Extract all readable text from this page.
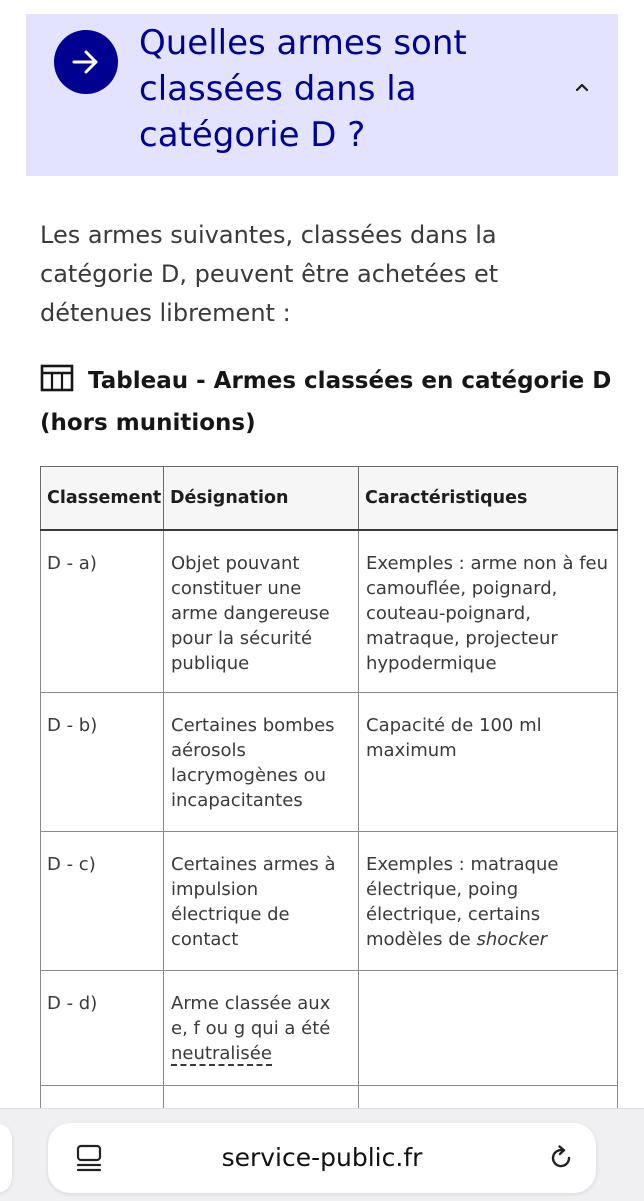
Quelles armes sont classées dans la catégorie D ?

Les armes suivantes, classées dans la catégorie D, peuvent être achetées et détenues librement :

Tableau - Armes classées en catégorie D (hors munitions)

Classement	Désignation	Caractéristiques
D - a)	Objet pouvant constituer une arme dangereuse pour la sécurité publique	Exemples : arme non à feu camouflée, poignard, couteau-poignard, matraque, projecteur hypodermique
D - b)	Certaines bombes aérosols lacrymogènes ou incapacitantes	Capacité de 100 ml maximum
D - c)	Certaines armes à impulsion électrique de contact	Exemples : matraque électrique, poing électrique, certains modèles de shocker
D - d)	Arme classée aux e, f ou g qui a été neutralisée	

service-public.fr
